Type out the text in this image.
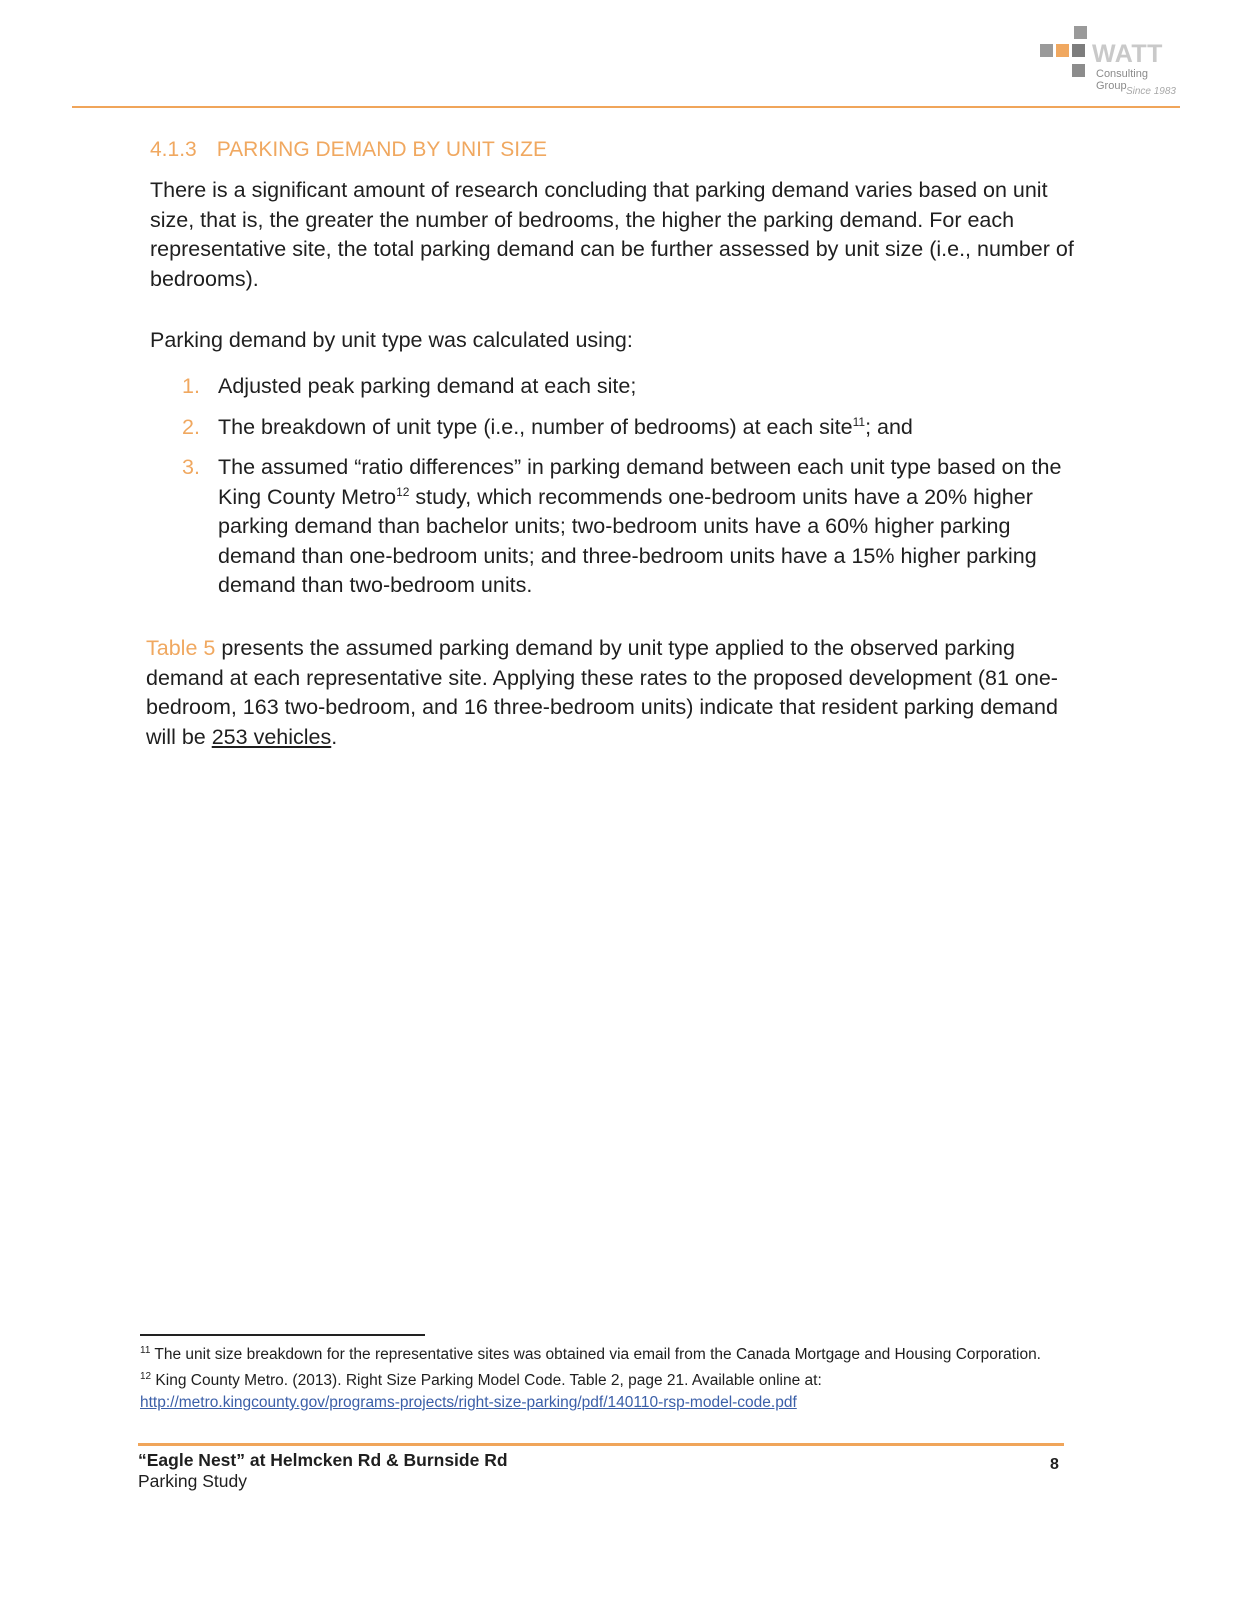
WATT
Consulting Group Since 1983
4.1.3 PARKING DEMAND BY UNIT SIZE

There is a significant amount of research concluding that parking demand varies based on unit size, that is, the greater the number of bedrooms, the higher the parking demand. For each representative site, the total parking demand can be further assessed by unit size (i.e., number of bedrooms).

Parking demand by unit type was calculated using:

1. Adjusted peak parking demand at each site;
2. The breakdown of unit type (i.e., number of bedrooms) at each site$^{11}$; and
3. The assumed “ratio differences” in parking demand between each unit type based on the King County Metro$^{12}$ study, which recommends one-bedroom units have a 20% higher parking demand than bachelor units; two-bedroom units have a 60% higher parking demand than one-bedroom units; and three-bedroom units have a 15% higher parking demand than two-bedroom units.

Table 5 presents the assumed parking demand by unit type applied to the observed parking demand at each representative site. Applying these rates to the proposed development (81 one-bedroom, 163 two-bedroom, and 16 three-bedroom units) indicate that resident parking demand will be 253 vehicles.

$^{11}$ The unit size breakdown for the representative sites was obtained via email from the Canada Mortgage and Housing Corporation.
$^{12}$ King County Metro. (2013). Right Size Parking Model Code. Table 2, page 21. Available online at:
http://metro.kingcounty.gov/programs-projects/right-size-parking/pdf/140110-rsp-model-code.pdf
“Eagle Nest” at Helmcken Rd & Burnside Rd
Parking Study
8
